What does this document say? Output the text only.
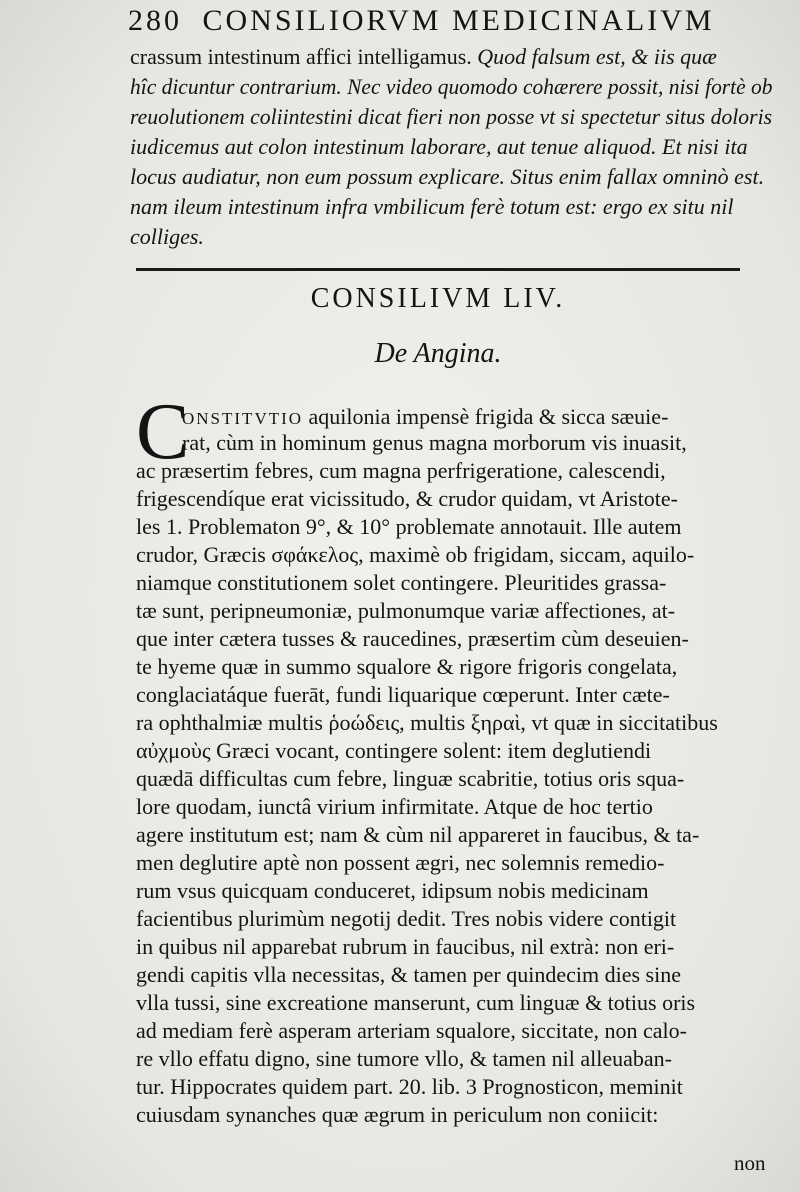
280 CONSILIORVM MEDICINALIVM
crassum intestinum affici intelligamus. Quod falsum est, & iis quæ
hîc dicuntur contrarium. Nec video quomodo cohærere possit, nisi fortè ob
reuolutionem coliintestini dicat fieri non posse vt si spectetur situs doloris
iudicemus aut colon intestinum laborare, aut tenue aliquod. Et nisi ita
locus audiatur, non eum possum explicare. Situs enim fallax omninò est.
nam ileum intestinum infra vmbilicum ferè totum est: ergo ex situ nil
colliges.
CONSILIVM LIV.
De Angina.
C
ONSTITVTIO aquilonia impensè frigida & sicca sæuie-
rat, cùm in hominum genus magna morborum vis inuasit,
ac præsertim febres, cum magna perfrigeratione, calescendi,
frigescendíque erat vicissitudo, & crudor quidam, vt Aristote-
les 1. Problematon 9°, & 10° problemate annotauit. Ille autem
crudor, Græcis σφάκελος, maximè ob frigidam, siccam, aquilo-
niamque constitutionem solet contingere. Pleuritides grassa-
tæ sunt, peripneumoniæ, pulmonumque variæ affectiones, at-
que inter cætera tusses & raucedines, præsertim cùm deseuien-
te hyeme quæ in summo squalore & rigore frigoris congelata,
conglaciatáque fuerāt, fundi liquarique cœperunt. Inter cæte-
ra ophthalmiæ multis ῥοώδεις, multis ξηραὶ, vt quæ in siccitatibus
αὐχμοὺς Græci vocant, contingere solent: item deglutiendi
quædā difficultas cum febre, linguæ scabritie, totius oris squa-
lore quodam, iunctâ virium infirmitate. Atque de hoc tertio
agere institutum est; nam & cùm nil appareret in faucibus, & ta-
men deglutire aptè non possent ægri, nec solemnis remedio-
rum vsus quicquam conduceret, idipsum nobis medicinam
facientibus plurimùm negotij dedit. Tres nobis videre contigit
in quibus nil apparebat rubrum in faucibus, nil extrà: non eri-
gendi capitis vlla necessitas, & tamen per quindecim dies sine
vlla tussi, sine excreatione manserunt, cum linguæ & totius oris
ad mediam ferè asperam arteriam squalore, siccitate, non calo-
re vllo effatu digno, sine tumore vllo, & tamen nil alleuaban-
tur. Hippocrates quidem part. 20. lib. 3 Prognosticon, meminit
cuiusdam synanches quæ ægrum in periculum non coniicit:
non
